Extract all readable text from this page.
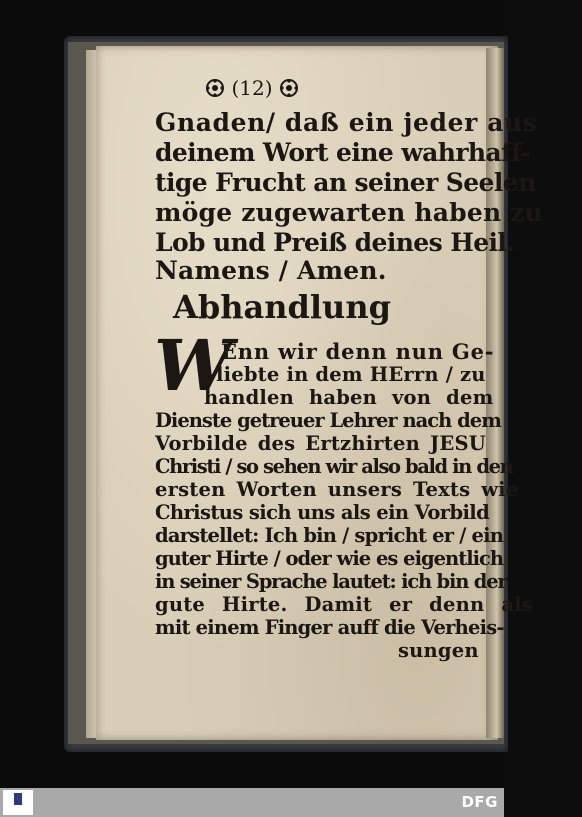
(12)
Gnaden/ daß ein jeder aus
deinem Wort eine wahrhaff-
tige Frucht an seiner Seelen
möge zugewarten haben zu
Lob und Preiß deines Heil.
Namens / Amen.
Abhandlung
W
Enn wir denn nun Ge-
liebte in dem HErrn / zu
handlen haben von dem
Dienste getreuer Lehrer nach dem
Vorbilde des Ertzhirten JESU
Christi / so sehen wir also bald in den
ersten Worten unsers Texts wie
Christus sich uns als ein Vorbild
darstellet: Ich bin / spricht er / ein
guter Hirte / oder wie es eigentlich
in seiner Sprache lautet: ich bin der
gute Hirte. Damit er denn als
mit einem Finger auff die Verheis-
sungen
DFG
